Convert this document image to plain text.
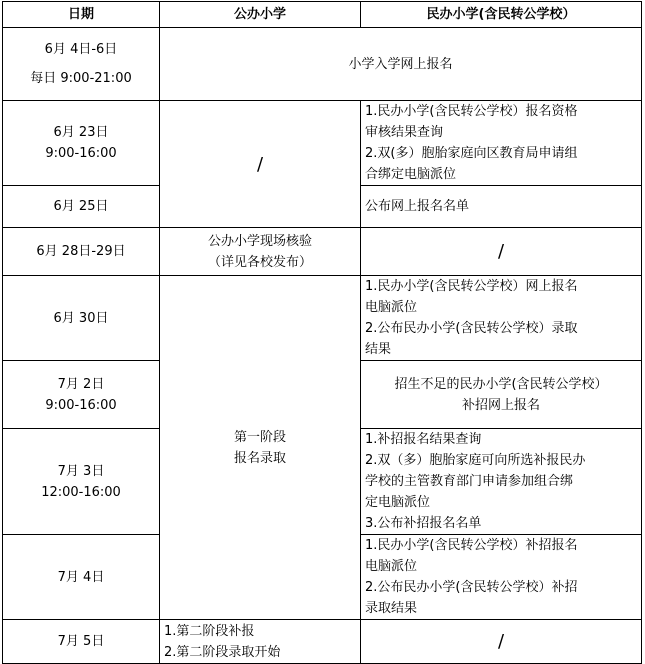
日期	公办小学	民办小学(含民转公学校）

6月 4日-6日
每日 9:00-21:00	小学入学网上报名	

6月 23日
9:00-16:00	/	1.民办小学(含民转公学校）报名资格
审核结果查询
2.双(多）胞胎家庭向区教育局申请组
合绑定电脑派位

6月 25日		公布网上报名名单

6月 28日-29日	公办小学现场核验
（详见各校发布）	/

6月 30日	第一阶段
报名录取	1.民办小学(含民转公学校）网上报名
电脑派位
2.公布民办小学(含民转公学校）录取
结果

7月 2日
9:00-16:00		招生不足的民办小学(含民转公学校）
补招网上报名

7月 3日
12:00-16:00		1.补招报名结果查询
2.双（多）胞胎家庭可向所选补报民办
学校的主管教育部门申请参加组合绑
定电脑派位
3.公布补招报名名单

7月 4日		1.民办小学(含民转公学校）补招报名
电脑派位
2.公布民办小学(含民转公学校）补招
录取结果

7月 5日	1.第二阶段补报
2.第二阶段录取开始	/
